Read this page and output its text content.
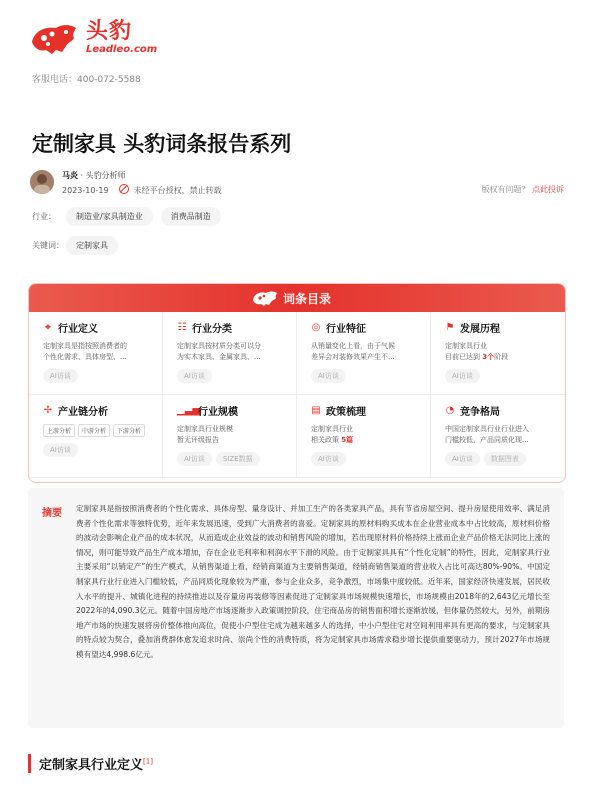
头豹
Leadleo.com
客服电话：400-072-5588
定制家具 头豹词条报告系列
马炎 · 头豹分析师
2023-10-19	未经平台授权，禁止转载	版权有问题？ 点此投诉
行业：	制造业/家具制造业	消费品制造
关键词：	定制家具
词条目录
⌖ 行业定义
定制家具是指按照消费者的
个性化需求、具体房型、...
AI访谈
☷ 行业分类
定制家具按材质分类可以分
为实木家具、金属家具、...
AI访谈
◎ 行业特征
从销量变化上看，由于气候
差异会对装修效果产生不...
AI访谈
⚑ 发展历程
定制家具行业
目前已达到 3个阶段
AI访谈
✢ 产业链分析
上游分析 中游分析 下游分析
AI访谈
▁▃▅
行业规模
定制家具行业规模
暂无评级报告
AI访谈	SIZE数据
▤ 政策梳理
定制家具行业
相关政策 5篇
AI访谈
◔ 竞争格局
中国定制家具行业行业进入
门槛较低，产品同质化现...
AI访谈	数据图表
摘要 定制家具是指按照消费者的个性化需求、具体房型、量身设计、并加工生产的各类家具产品，具有节省房屋空间、提升房屋使用效率、满足消费者个性化需求等独特优势，近年来发展迅速，受到广大消费者的喜爱。定制家具的原材料购买成本在企业营业成本中占比较高，原材料价格的波动会影响企业产品的成本状况，从而造成企业效益的波动和销售风险的增加，若出现原材料价格持续上涨而企业产品价格无法同比上涨的情况，则可能导致产品生产成本增加，存在企业毛利率和利润水平下滑的风险。由于定制家具具有“个性化定制”的特性，因此，定制家具行业主要采用“以销定产”的生产模式，从销售渠道上看，经销商渠道为主要销售渠道，经销商销售渠道的营业收入占比可高达80%-90%。中国定制家具行业行业进入门槛较低，产品同质化现象较为严重，参与企业众多，竞争激烈，市场集中度较低。近年来，国家经济快速发展，居民收入水平的提升、城镇化进程的持续推进以及存量房再装修等因素促进了定制家具市场规模快速增长，市场规模由2018年的2,643亿元增长至2022年的4,090.3亿元。随着中国房地产市场逐渐步入政策调控阶段，住宅商品房的销售面积增长逐渐放缓，但体量仍然较大，另外，前期房地产市场的快速发展将房价整体推向高位，促使小户型住宅成为越来越多人的选择，中小户型住宅对空间利用率具有更高的要求，与定制家具的特点较为契合，叠加消费群体愈发追求时尚、崇尚个性的消费特质，将为定制家具市场需求稳步增长提供重要驱动力，预计2027年市场规模有望达4,998.6亿元。

定制家具行业定义[1]
